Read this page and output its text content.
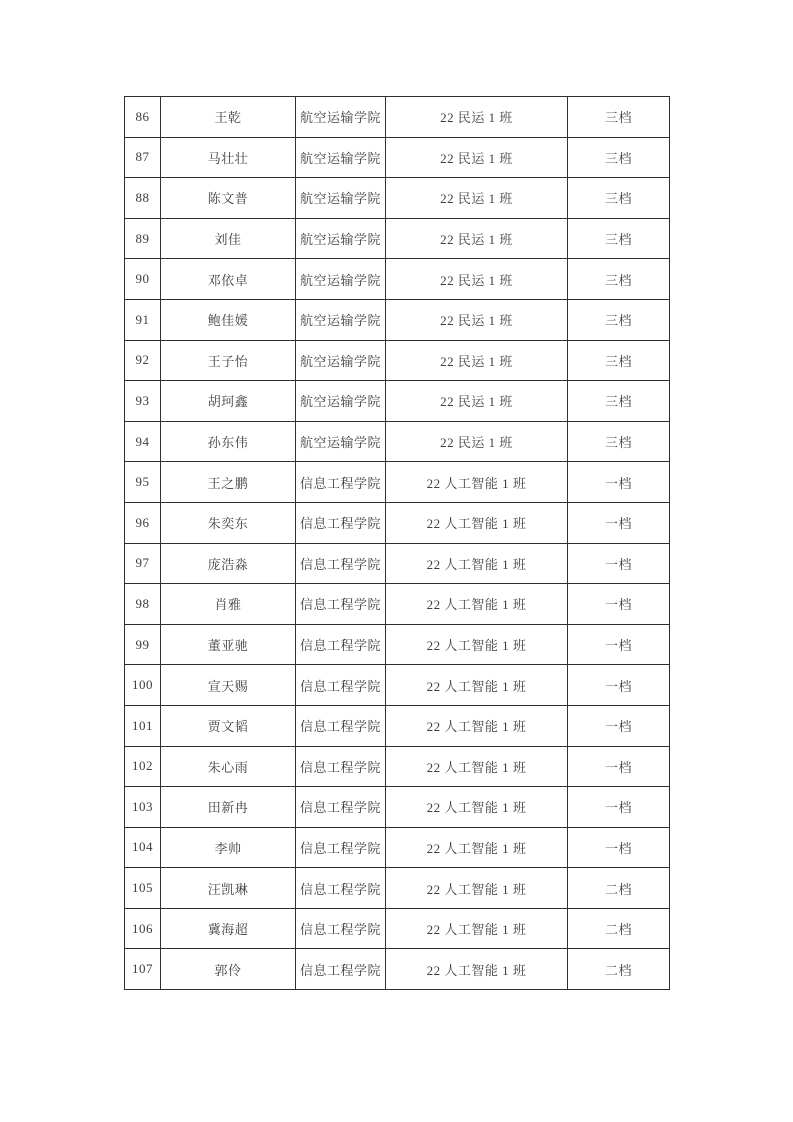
86	王乾	航空运输学院	22 民运 1 班	三档
87	马壮壮	航空运输学院	22 民运 1 班	三档
88	陈文普	航空运输学院	22 民运 1 班	三档
89	刘佳	航空运输学院	22 民运 1 班	三档
90	邓依卓	航空运输学院	22 民运 1 班	三档
91	鲍佳媛	航空运输学院	22 民运 1 班	三档
92	王子怡	航空运输学院	22 民运 1 班	三档
93	胡珂鑫	航空运输学院	22 民运 1 班	三档
94	孙东伟	航空运输学院	22 民运 1 班	三档
95	王之鹏	信息工程学院	22 人工智能 1 班	一档
96	朱奕东	信息工程学院	22 人工智能 1 班	一档
97	庞浩淼	信息工程学院	22 人工智能 1 班	一档
98	肖雅	信息工程学院	22 人工智能 1 班	一档
99	董亚驰	信息工程学院	22 人工智能 1 班	一档
100	宣天赐	信息工程学院	22 人工智能 1 班	一档
101	贾文韬	信息工程学院	22 人工智能 1 班	一档
102	朱心雨	信息工程学院	22 人工智能 1 班	一档
103	田新冉	信息工程学院	22 人工智能 1 班	一档
104	李帅	信息工程学院	22 人工智能 1 班	一档
105	汪凯琳	信息工程学院	22 人工智能 1 班	二档
106	冀海超	信息工程学院	22 人工智能 1 班	二档
107	郭伶	信息工程学院	22 人工智能 1 班	二档
